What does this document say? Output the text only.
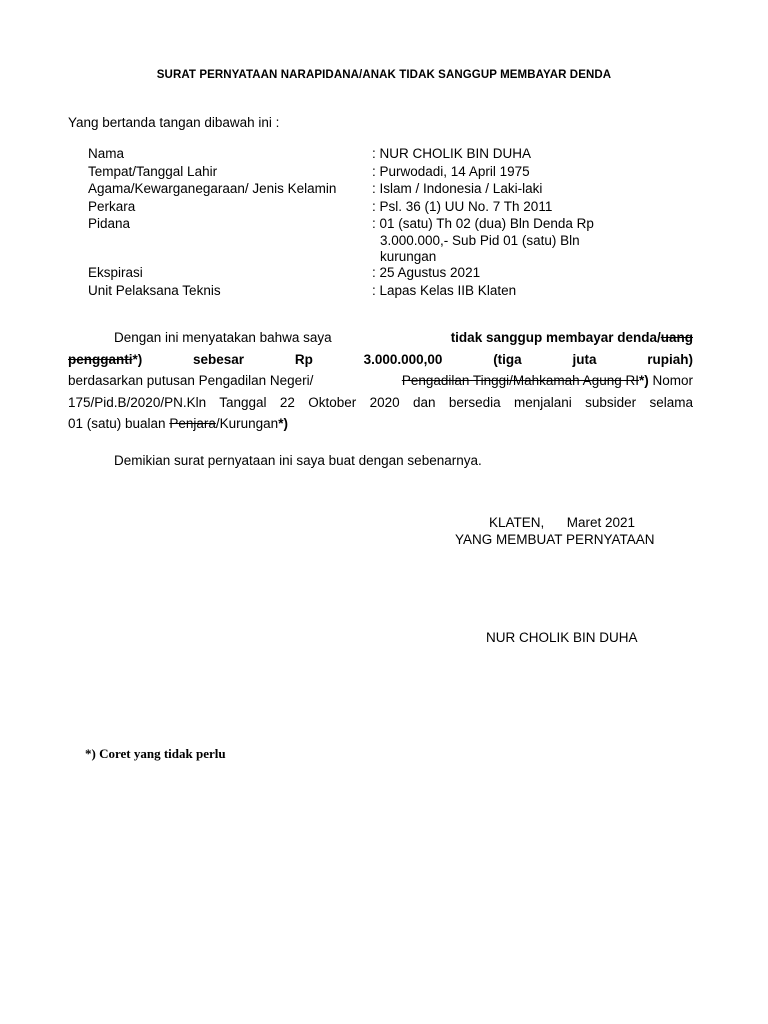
SURAT PERNYATAAN NARAPIDANA/ANAK TIDAK SANGGUP MEMBAYAR DENDA
Yang bertanda tangan dibawah ini :
Nama	: NUR CHOLIK BIN DUHA
Tempat/Tanggal Lahir	: Purwodadi, 14 April 1975
Agama/Kewarganegaraan/ Jenis Kelamin	: Islam / Indonesia / Laki-laki
Perkara	: Psl. 36 (1) UU No. 7 Th 2011
Pidana	: 01 (satu) Th 02 (dua) Bln Denda Rp
3.000.000,- Sub Pid 01 (satu) Bln
kurungan
Ekspirasi	: 25 Agustus 2021
Unit Pelaksana Teknis	: Lapas Kelas IIB Klaten
Dengan ini menyatakan bahwa saya	tidak sanggup membayar denda/uang
pengganti*)	sebesar	Rp	3.000.000,00	(tiga	juta	rupiah)
berdasarkan putusan Pengadilan Negeri/	Pengadilan Tinggi/Mahkamah Agung RI*) Nomor
175/Pid.B/2020/PN.Kln Tanggal 22 Oktober 2020 dan bersedia menjalani subsider selama
01 (satu) bualan Penjara/Kurungan*)
Demikian surat pernyataan ini saya buat dengan sebenarnya.
KLATEN,      Maret 2021
YANG MEMBUAT PERNYATAAN
NUR CHOLIK BIN DUHA
*) Coret yang tidak perlu
